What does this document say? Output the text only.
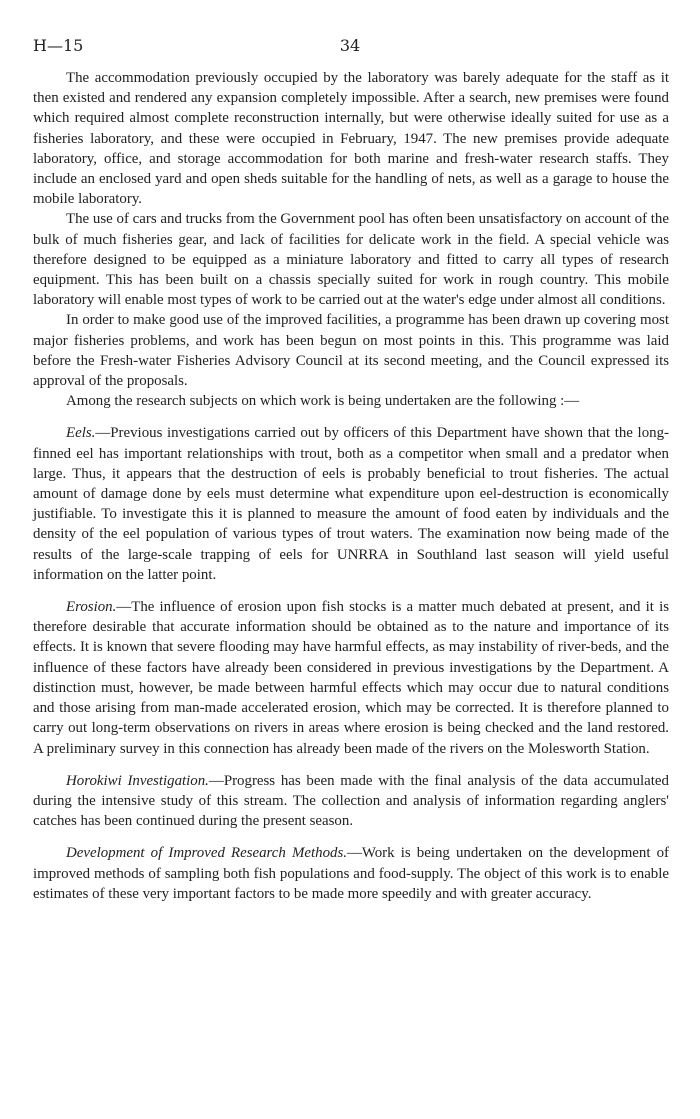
H—15	34

The accommodation previously occupied by the laboratory was barely adequate for the staff as it then existed and rendered any expansion completely impossible. After a search, new premises were found which required almost complete reconstruction internally, but were otherwise ideally suited for use as a fisheries laboratory, and these were occupied in February, 1947. The new premises provide adequate laboratory, office, and storage accommodation for both marine and fresh-water research staffs. They include an enclosed yard and open sheds suitable for the handling of nets, as well as a garage to house the mobile laboratory.

The use of cars and trucks from the Government pool has often been unsatisfactory on account of the bulk of much fisheries gear, and lack of facilities for delicate work in the field. A special vehicle was therefore designed to be equipped as a miniature laboratory and fitted to carry all types of research equipment. This has been built on a chassis specially suited for work in rough country. This mobile laboratory will enable most types of work to be carried out at the water's edge under almost all conditions.

In order to make good use of the improved facilities, a programme has been drawn up covering most major fisheries problems, and work has been begun on most points in this. This programme was laid before the Fresh-water Fisheries Advisory Council at its second meeting, and the Council expressed its approval of the proposals.

Among the research subjects on which work is being undertaken are the following :—

Eels.—Previous investigations carried out by officers of this Department have shown that the long-finned eel has important relationships with trout, both as a competitor when small and a predator when large. Thus, it appears that the destruction of eels is probably beneficial to trout fisheries. The actual amount of damage done by eels must determine what expenditure upon eel-destruction is economically justifiable. To investigate this it is planned to measure the amount of food eaten by individuals and the density of the eel population of various types of trout waters. The examination now being made of the results of the large-scale trapping of eels for UNRRA in Southland last season will yield useful information on the latter point.

Erosion.—The influence of erosion upon fish stocks is a matter much debated at present, and it is therefore desirable that accurate information should be obtained as to the nature and importance of its effects. It is known that severe flooding may have harmful effects, as may instability of river-beds, and the influence of these factors have already been considered in previous investigations by the Department. A distinction must, however, be made between harmful effects which may occur due to natural conditions and those arising from man-made accelerated erosion, which may be corrected. It is therefore planned to carry out long-term observations on rivers in areas where erosion is being checked and the land restored. A preliminary survey in this connection has already been made of the rivers on the Molesworth Station.

Horokiwi Investigation.—Progress has been made with the final analysis of the data accumulated during the intensive study of this stream. The collection and analysis of information regarding anglers' catches has been continued during the present season.

Development of Improved Research Methods.—Work is being undertaken on the development of improved methods of sampling both fish populations and food-supply. The object of this work is to enable estimates of these very important factors to be made more speedily and with greater accuracy.
